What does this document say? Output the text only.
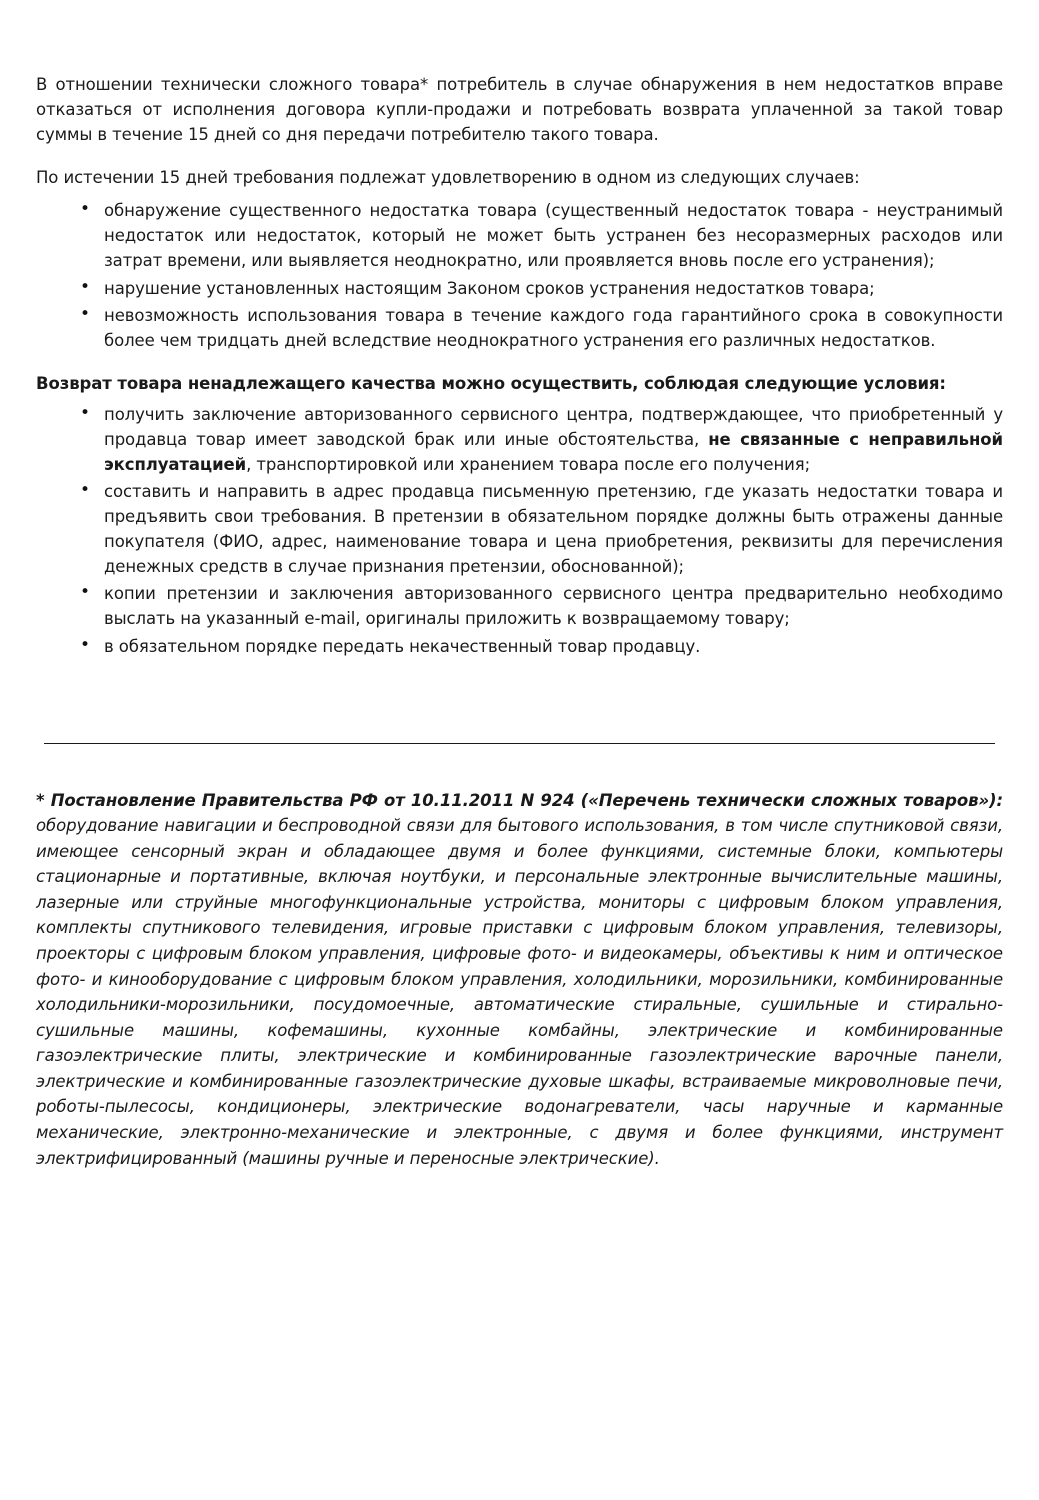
В отношении технически сложного товара* потребитель в случае обнаружения в нем недостатков вправе отказаться от исполнения договора купли-продажи и потребовать возврата уплаченной за такой товар суммы в течение 15 дней со дня передачи потребителю такого товара.

По истечении 15 дней требования подлежат удовлетворению в одном из следующих случаев:

• обнаружение существенного недостатка товара (существенный недостаток товара - неустранимый недостаток или недостаток, который не может быть устранен без несоразмерных расходов или затрат времени, или выявляется неоднократно, или проявляется вновь после его устранения);
• нарушение установленных настоящим Законом сроков устранения недостатков товара;
• невозможность использования товара в течение каждого года гарантийного срока в совокупности более чем тридцать дней вследствие неоднократного устранения его различных недостатков.

Возврат товара ненадлежащего качества можно осуществить, соблюдая следующие условия:

• получить заключение авторизованного сервисного центра, подтверждающее, что приобретенный у продавца товар имеет заводской брак или иные обстоятельства, не связанные с неправильной эксплуатацией, транспортировкой или хранением товара после его получения;
• составить и направить в адрес продавца письменную претензию, где указать недостатки товара и предъявить свои требования. В претензии в обязательном порядке должны быть отражены данные покупателя (ФИО, адрес, наименование товара и цена приобретения, реквизиты для перечисления денежных средств в случае признания претензии, обоснованной);
• копии претензии и заключения авторизованного сервисного центра предварительно необходимо выслать на указанный e-mail, оригиналы приложить к возвращаемому товару;
• в обязательном порядке передать некачественный товар продавцу.

* Постановление Правительства РФ от 10.11.2011 N 924 («Перечень технически сложных товаров»): оборудование навигации и беспроводной связи для бытового использования, в том числе спутниковой связи, имеющее сенсорный экран и обладающее двумя и более функциями, системные блоки, компьютеры стационарные и портативные, включая ноутбуки, и персональные электронные вычислительные машины, лазерные или струйные многофункциональные устройства, мониторы с цифровым блоком управления, комплекты спутникового телевидения, игровые приставки с цифровым блоком управления, телевизоры, проекторы с цифровым блоком управления, цифровые фото- и видеокамеры, объективы к ним и оптическое фото- и кинооборудование с цифровым блоком управления, холодильники, морозильники, комбинированные холодильники-морозильники, посудомоечные, автоматические стиральные, сушильные и стирально-сушильные машины, кофемашины, кухонные комбайны, электрические и комбинированные газоэлектрические плиты, электрические и комбинированные газоэлектрические варочные панели, электрические и комбинированные газоэлектрические духовые шкафы, встраиваемые микроволновые печи, роботы-пылесосы, кондиционеры, электрические водонагреватели, часы наручные и карманные механические, электронно-механические и электронные, с двумя и более функциями, инструмент электрифицированный (машины ручные и переносные электрические).
